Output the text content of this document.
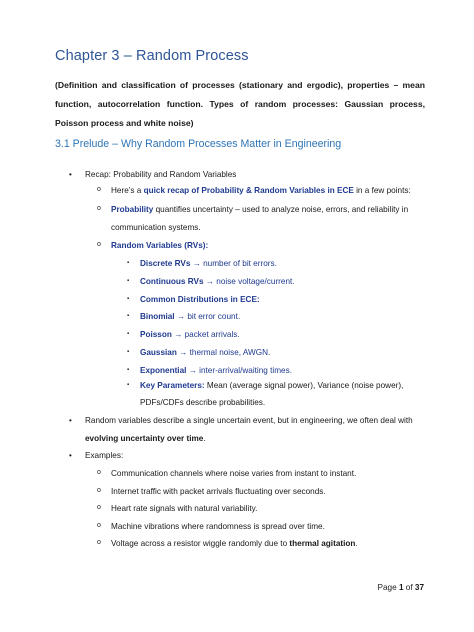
Chapter 3 – Random Process

(Definition and classification of processes (stationary and ergodic), properties – mean function, autocorrelation function. Types of random processes: Gaussian process, Poisson process and white noise)

3.1 Prelude – Why Random Processes Matter in Engineering
• Recap: Probability and Random Variables
o Here’s a quick recap of Probability & Random Variables in ECE in a few points:
o Probability quantifies uncertainty – used to analyze noise, errors, and reliability in
communication systems.
o Random Variables (RVs):
▪ Discrete RVs → number of bit errors.
▪ Continuous RVs → noise voltage/current.
▪ Common Distributions in ECE:
▪ Binomial → bit error count.
▪ Poisson → packet arrivals.
▪ Gaussian → thermal noise, AWGN.
▪ Exponential → inter-arrival/waiting times.
▪ Key Parameters: Mean (average signal power), Variance (noise power),
PDFs/CDFs describe probabilities.
• Random variables describe a single uncertain event, but in engineering, we often deal with
evolving uncertainty over time.
• Examples:
o Communication channels where noise varies from instant to instant.
o Internet traffic with packet arrivals fluctuating over seconds.
o Heart rate signals with natural variability.
o Machine vibrations where randomness is spread over time.
o Voltage across a resistor wiggle randomly due to thermal agitation.
Page 1 of 37
